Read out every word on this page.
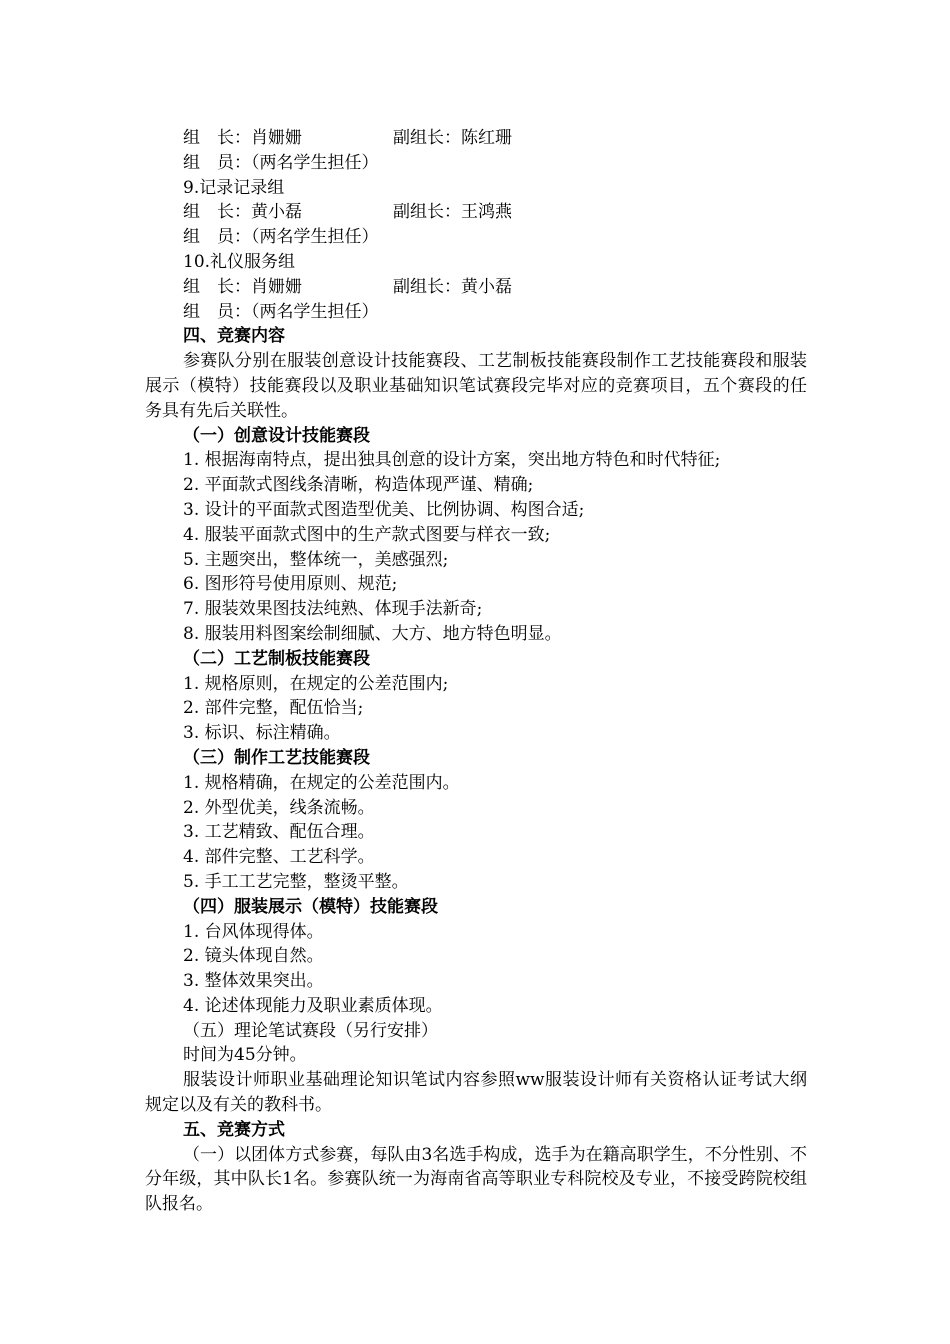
组　长：肖姗姗	副组长：陈红珊
组　员：（两名学生担任）
9.记录记录组
组　长：黄小磊	副组长：王鸿燕
组　员：（两名学生担任）
10.礼仪服务组
组　长：肖姗姗	副组长：黄小磊
组　员：（两名学生担任）
四、竞赛内容
参赛队分别在服装创意设计技能赛段、工艺制板技能赛段制作工艺技能赛段和服装展示（模特）技能赛段以及职业基础知识笔试赛段完毕对应的竞赛项目，五个赛段的任务具有先后关联性。
（一）创意设计技能赛段
1. 根据海南特点，提出独具创意的设计方案，突出地方特色和时代特征;
2. 平面款式图线条清晰，构造体现严谨、精确;
3. 设计的平面款式图造型优美、比例协调、构图合适;
4. 服装平面款式图中的生产款式图要与样衣一致;
5. 主题突出，整体统一，美感强烈;
6. 图形符号使用原则、规范;
7. 服装效果图技法纯熟、体现手法新奇;
8. 服装用料图案绘制细腻、大方、地方特色明显。
（二）工艺制板技能赛段
1. 规格原则，在规定的公差范围内;
2. 部件完整，配伍恰当;
3. 标识、标注精确。
（三）制作工艺技能赛段
1. 规格精确，在规定的公差范围内。
2. 外型优美，线条流畅。
3. 工艺精致、配伍合理。
4. 部件完整、工艺科学。
5. 手工工艺完整，整烫平整。
（四）服装展示（模特）技能赛段
1. 台风体现得体。
2. 镜头体现自然。
3. 整体效果突出。
4. 论述体现能力及职业素质体现。
（五）理论笔试赛段（另行安排）
时间为45分钟。
服装设计师职业基础理论知识笔试内容参照ww服装设计师有关资格认证考试大纲规定以及有关的教科书。
五、竞赛方式
（一）以团体方式参赛，每队由3名选手构成，选手为在籍高职学生，不分性别、不分年级，其中队长1名。参赛队统一为海南省高等职业专科院校及专业，不接受跨院校组队报名。
